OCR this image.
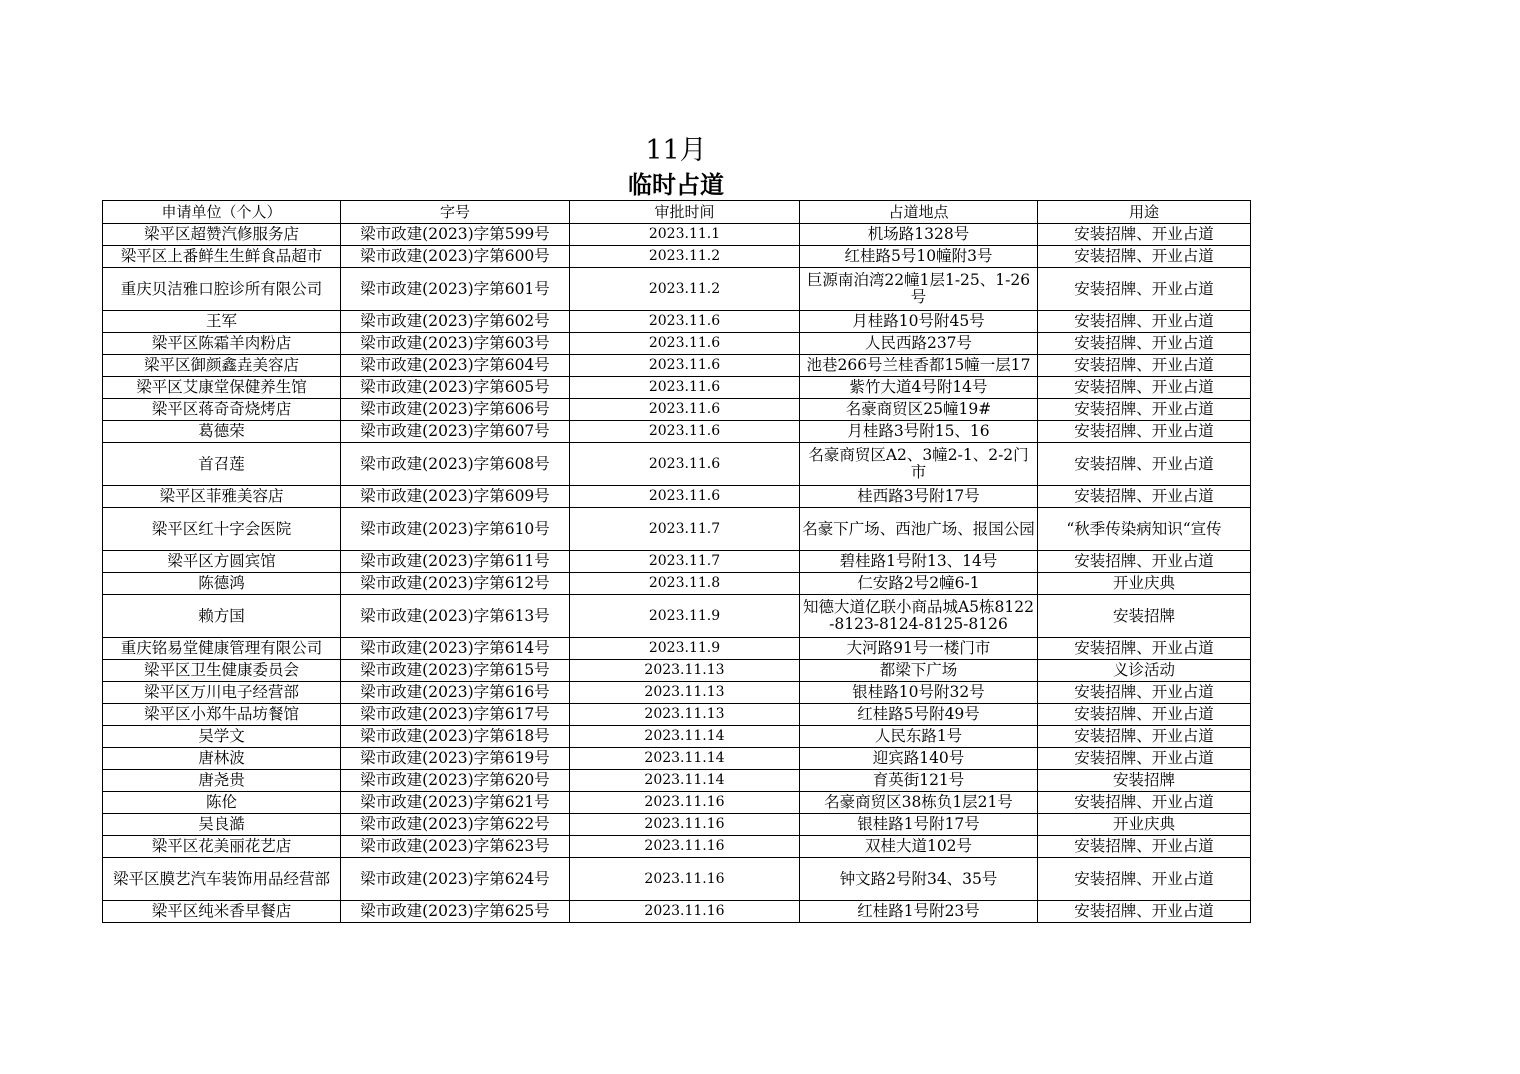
11月
临时占道
申请单位（个人）	字号	审批时间	占道地点	用途
梁平区超赞汽修服务店	梁市政建(2023)字第599号	2023.11.1	机场路1328号	安装招牌、开业占道
梁平区上番鲜生生鲜食品超市	梁市政建(2023)字第600号	2023.11.2	红桂路5号10幢附3号	安装招牌、开业占道
重庆贝洁雅口腔诊所有限公司	梁市政建(2023)字第601号	2023.11.2	巨源南泊湾22幢1层1-25、1-26号	安装招牌、开业占道
王军	梁市政建(2023)字第602号	2023.11.6	月桂路10号附45号	安装招牌、开业占道
梁平区陈霜羊肉粉店	梁市政建(2023)字第603号	2023.11.6	人民西路237号	安装招牌、开业占道
梁平区御颜鑫垚美容店	梁市政建(2023)字第604号	2023.11.6	池巷266号兰桂香都15幢一层17	安装招牌、开业占道
梁平区艾康堂保健养生馆	梁市政建(2023)字第605号	2023.11.6	紫竹大道4号附14号	安装招牌、开业占道
梁平区蒋奇奇烧烤店	梁市政建(2023)字第606号	2023.11.6	名豪商贸区25幢19#	安装招牌、开业占道
葛德荣	梁市政建(2023)字第607号	2023.11.6	月桂路3号附15、16	安装招牌、开业占道
首召莲	梁市政建(2023)字第608号	2023.11.6	名豪商贸区A2、3幢2-1、2-2门市	安装招牌、开业占道
梁平区菲雅美容店	梁市政建(2023)字第609号	2023.11.6	桂西路3号附17号	安装招牌、开业占道
梁平区红十字会医院	梁市政建(2023)字第610号	2023.11.7	名豪下广场、西池广场、报国公园	“秋季传染病知识“宣传
梁平区方圆宾馆	梁市政建(2023)字第611号	2023.11.7	碧桂路1号附13、14号	安装招牌、开业占道
陈德鸿	梁市政建(2023)字第612号	2023.11.8	仁安路2号2幢6-1	开业庆典
赖方国	梁市政建(2023)字第613号	2023.11.9	知德大道亿联小商品城A5栋8122-8123-8124-8125-8126	安装招牌
重庆铭易堂健康管理有限公司	梁市政建(2023)字第614号	2023.11.9	大河路91号一楼门市	安装招牌、开业占道
梁平区卫生健康委员会	梁市政建(2023)字第615号	2023.11.13	都梁下广场	义诊活动
梁平区万川电子经营部	梁市政建(2023)字第616号	2023.11.13	银桂路10号附32号	安装招牌、开业占道
梁平区小郑牛品坊餐馆	梁市政建(2023)字第617号	2023.11.13	红桂路5号附49号	安装招牌、开业占道
吴学文	梁市政建(2023)字第618号	2023.11.14	人民东路1号	安装招牌、开业占道
唐林波	梁市政建(2023)字第619号	2023.11.14	迎宾路140号	安装招牌、开业占道
唐尧贵	梁市政建(2023)字第620号	2023.11.14	育英街121号	安装招牌
陈伦	梁市政建(2023)字第621号	2023.11.16	名豪商贸区38栋负1层21号	安装招牌、开业占道
吴良澔	梁市政建(2023)字第622号	2023.11.16	银桂路1号附17号	开业庆典
梁平区花美丽花艺店	梁市政建(2023)字第623号	2023.11.16	双桂大道102号	安装招牌、开业占道
梁平区膜艺汽车装饰用品经营部	梁市政建(2023)字第624号	2023.11.16	钟文路2号附34、35号	安装招牌、开业占道
梁平区纯米香早餐店	梁市政建(2023)字第625号	2023.11.16	红桂路1号附23号	安装招牌、开业占道
